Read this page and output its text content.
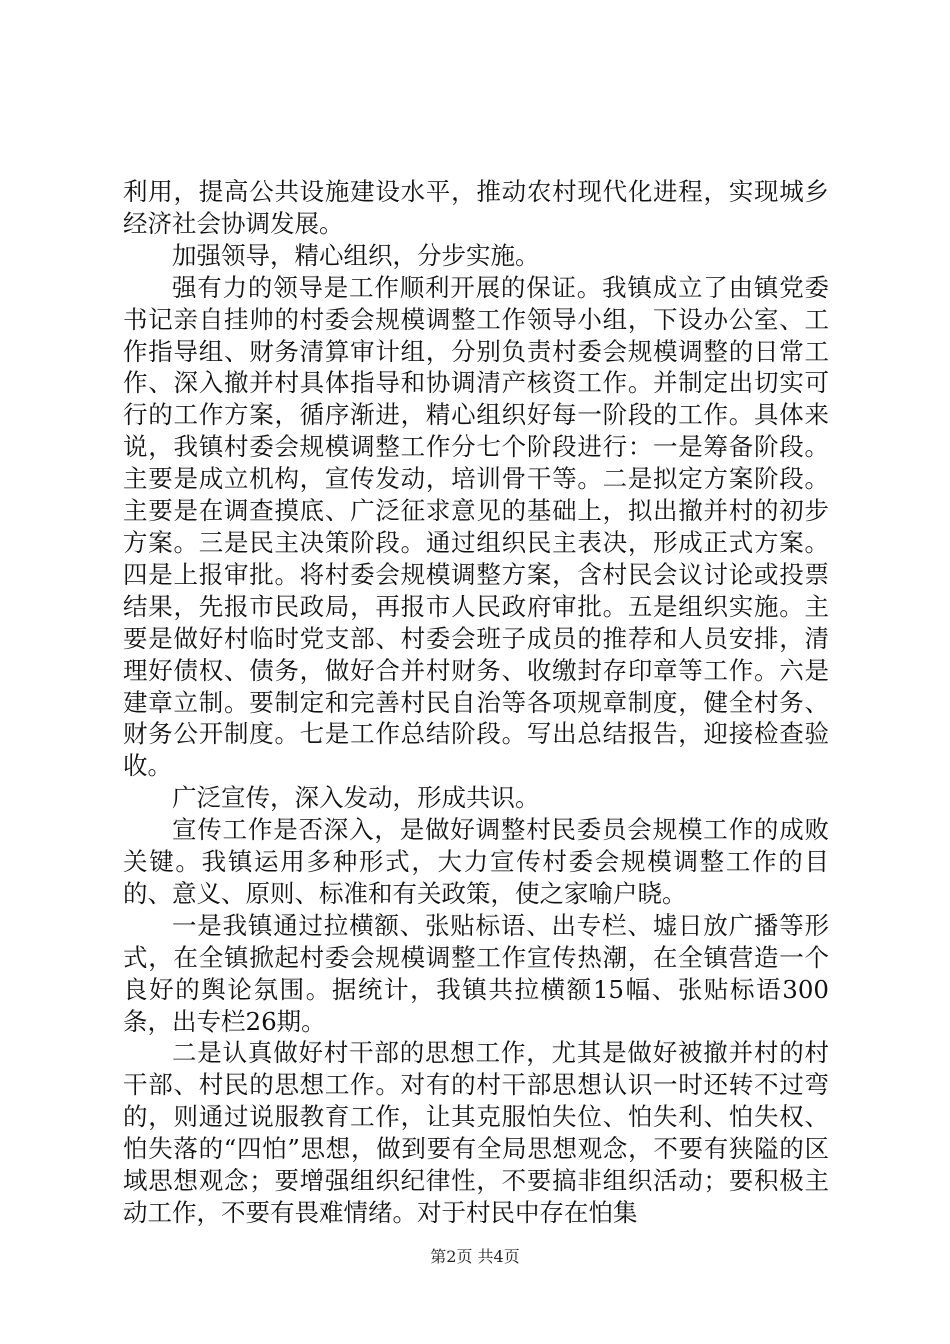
利用，提高公共设施建设水平，推动农村现代化进程，实现城乡经济社会协调发展。

加强领导，精心组织，分步实施。

强有力的领导是工作顺利开展的保证。我镇成立了由镇党委书记亲自挂帅的村委会规模调整工作领导小组，下设办公室、工作指导组、财务清算审计组，分别负责村委会规模调整的日常工作、深入撤并村具体指导和协调清产核资工作。并制定出切实可行的工作方案，循序渐进，精心组织好每一阶段的工作。具体来说，我镇村委会规模调整工作分七个阶段进行：一是筹备阶段。主要是成立机构，宣传发动，培训骨干等。二是拟定方案阶段。主要是在调查摸底、广泛征求意见的基础上，拟出撤并村的初步方案。三是民主决策阶段。通过组织民主表决，形成正式方案。四是上报审批。将村委会规模调整方案，含村民会议讨论或投票结果，先报市民政局，再报市人民政府审批。五是组织实施。主要是做好村临时党支部、村委会班子成员的推荐和人员安排，清理好债权、债务，做好合并村财务、收缴封存印章等工作。六是建章立制。要制定和完善村民自治等各项规章制度，健全村务、财务公开制度。七是工作总结阶段。写出总结报告，迎接检查验收。

广泛宣传，深入发动，形成共识。

宣传工作是否深入，是做好调整村民委员会规模工作的成败关键。我镇运用多种形式，大力宣传村委会规模调整工作的目的、意义、原则、标准和有关政策，使之家喻户晓。

一是我镇通过拉横额、张贴标语、出专栏、墟日放广播等形式，在全镇掀起村委会规模调整工作宣传热潮，在全镇营造一个良好的舆论氛围。据统计，我镇共拉横额15幅、张贴标语300条，出专栏26期。

二是认真做好村干部的思想工作，尤其是做好被撤并村的村干部、村民的思想工作。对有的村干部思想认识一时还转不过弯的，则通过说服教育工作，让其克服怕失位、怕失利、怕失权、怕失落的“四怕”思想，做到要有全局思想观念，不要有狭隘的区域思想观念；要增强组织纪律性，不要搞非组织活动；要积极主动工作，不要有畏难情绪。对于村民中存在怕集

第2页 共4页
